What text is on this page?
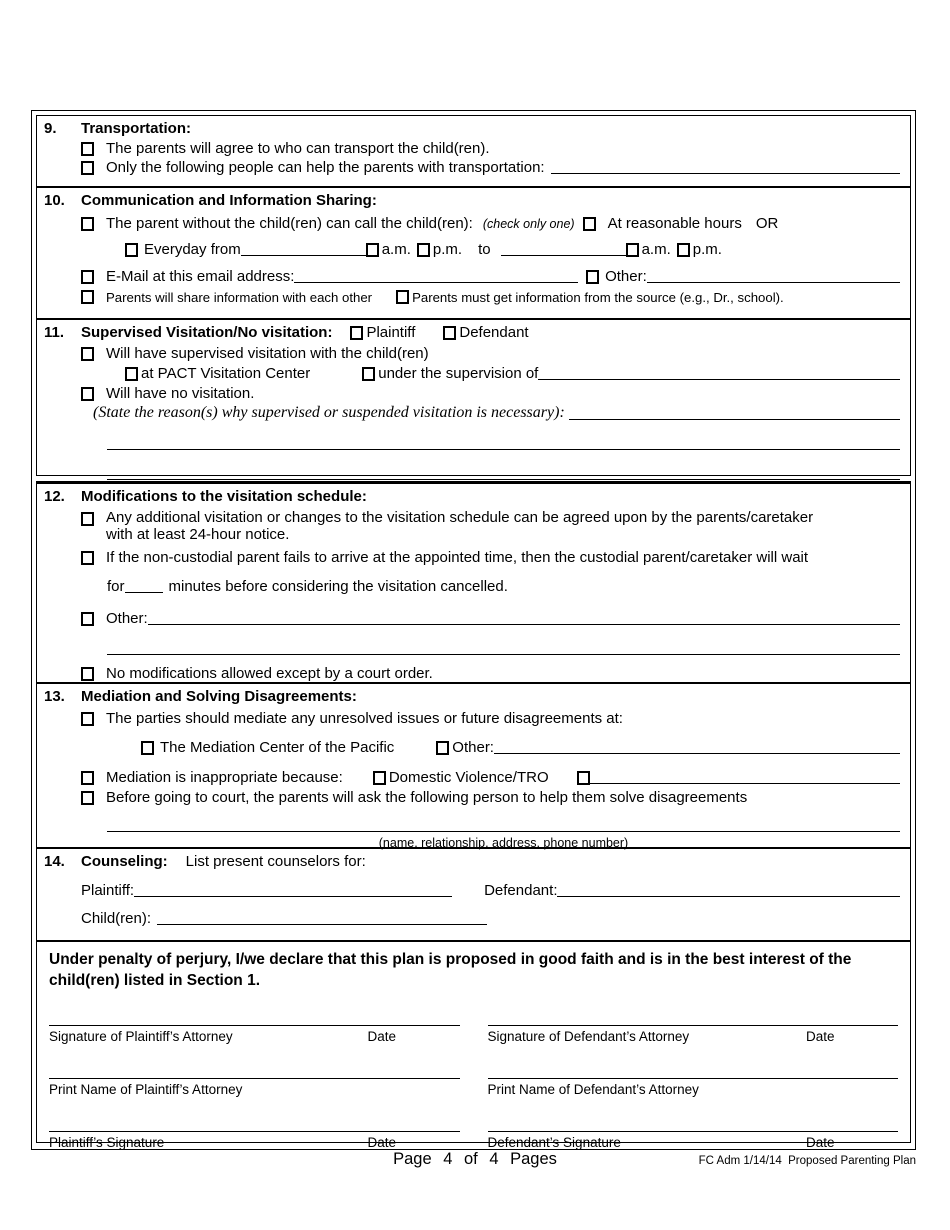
9.	Transportation:
The parents will agree to who can transport the child(ren).
Only the following people can help the parents with transportation:
10.	Communication and Information Sharing:
The parent without the child(ren) can call the child(ren): (check only one) At reasonable hours OR
Everyday from	a.m. p.m. to	a.m. p.m.
E-Mail at this email address:	Other:
Parents will share information with each other	Parents must get information from the source (e.g., Dr., school).
11.	Supervised Visitation/No visitation: Plaintiff	Defendant
Will have supervised visitation with the child(ren)
at PACT Visitation Center	under the supervision of
Will have no visitation.
(State the reason(s) why supervised or suspended visitation is necessary):
12.	Modifications to the visitation schedule:
Any additional visitation or changes to the visitation schedule can be agreed upon by the parents/caretaker
with at least 24-hour notice.
If the non-custodial parent fails to arrive at the appointed time, then the custodial parent/caretaker will wait
for	minutes before considering the visitation cancelled.
Other:
No modifications allowed except by a court order.
13.	Mediation and Solving Disagreements:
The parties should mediate any unresolved issues or future disagreements at:
The Mediation Center of the Pacific	Other:
Mediation is inappropriate because:	Domestic Violence/TRO
Before going to court, the parents will ask the following person to help them solve disagreements
(name, relationship, address, phone number)
14.	Counseling: List present counselors for:
Plaintiff:	Defendant:
Child(ren):

Under penalty of perjury, I/we declare that this plan is proposed in good faith and is in the best interest of the child(ren) listed in Section 1.

Signature of Plaintiff’s Attorney	Date	Signature of Defendant’s Attorney	Date
Print Name of Plaintiff’s Attorney	Print Name of Defendant’s Attorney
Plaintiff’s Signature	Date	Defendant’s Signature	Date
Page 4 of 4 Pages	FC Adm 1/14/14  Proposed Parenting Plan
